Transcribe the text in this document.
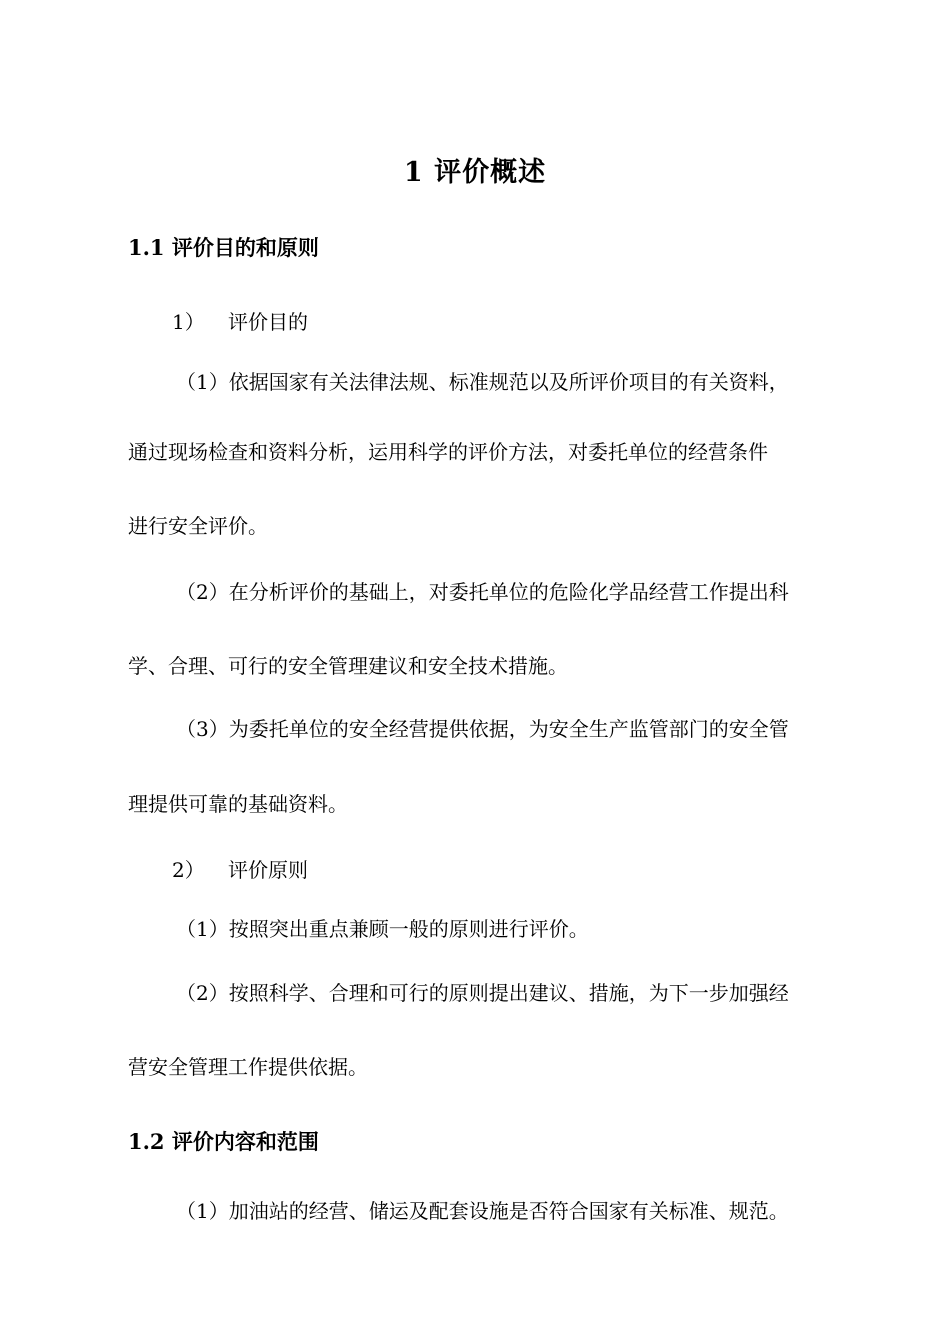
1 评价概述
1.1 评价目的和原则
1） 评价目的
（1）依据国家有关法律法规、标准规范以及所评价项目的有关资料，
通过现场检查和资料分析，运用科学的评价方法，对委托单位的经营条件
进行安全评价。
（2）在分析评价的基础上，对委托单位的危险化学品经营工作提出科
学、合理、可行的安全管理建议和安全技术措施。
（3）为委托单位的安全经营提供依据，为安全生产监管部门的安全管
理提供可靠的基础资料。
2） 评价原则
（1）按照突出重点兼顾一般的原则进行评价。
（2）按照科学、合理和可行的原则提出建议、措施，为下一步加强经
营安全管理工作提供依据。
1.2 评价内容和范围
（1）加油站的经营、储运及配套设施是否符合国家有关标准、规范。
